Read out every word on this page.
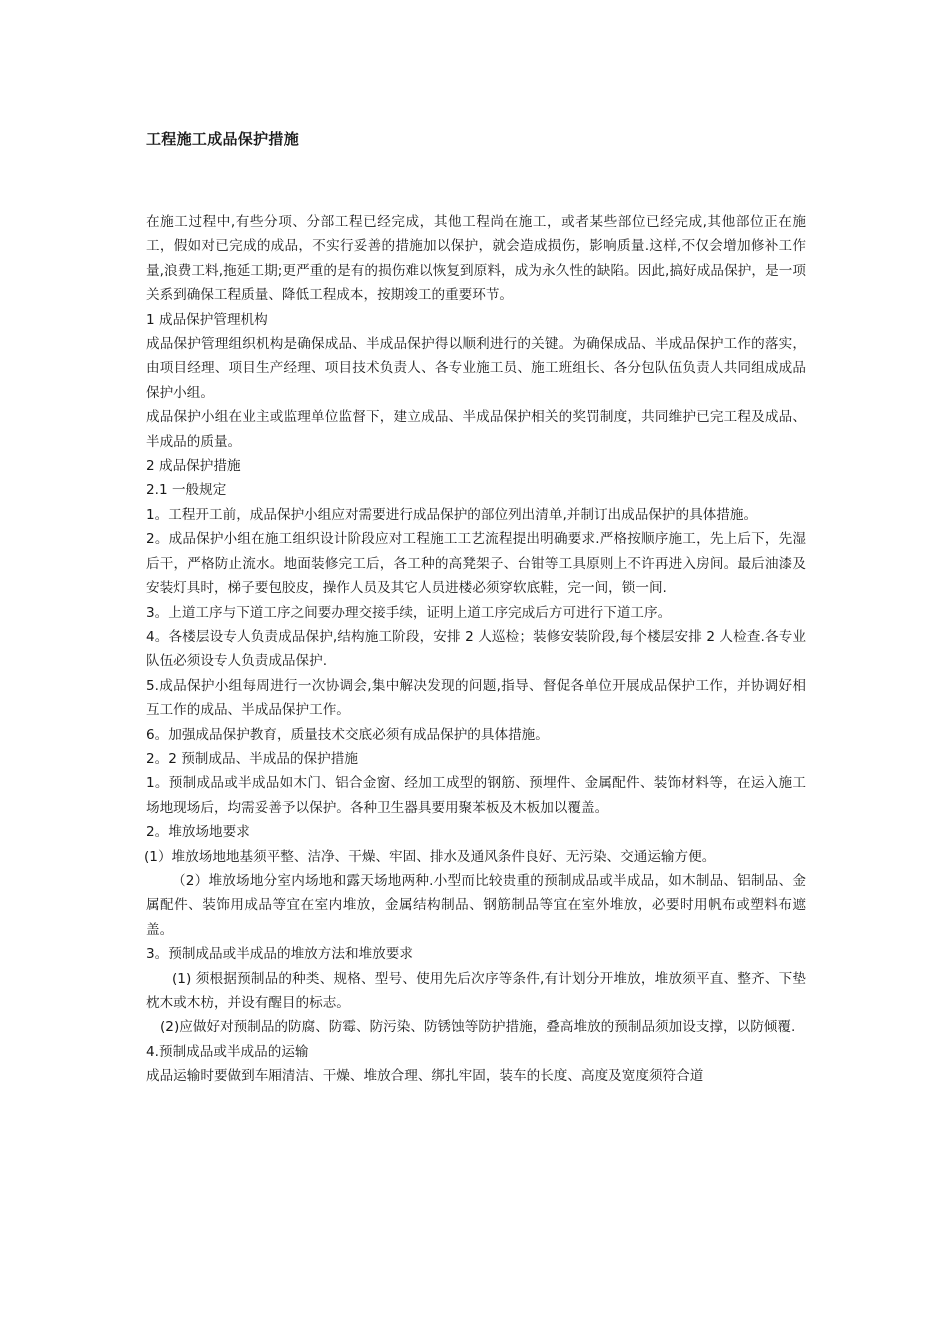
工程施工成品保护措施

在施工过程中,有些分项、分部工程已经完成，其他工程尚在施工，或者某些部位已经完成,其他部位正在施工，假如对已完成的成品，不实行妥善的措施加以保护，就会造成损伤，影响质量.这样,不仅会增加修补工作量,浪费工料,拖延工期;更严重的是有的损伤难以恢复到原料，成为永久性的缺陷。因此,搞好成品保护，是一项关系到确保工程质量、降低工程成本，按期竣工的重要环节。

1 成品保护管理机构

成品保护管理组织机构是确保成品、半成品保护得以顺利进行的关键。为确保成品、半成品保护工作的落实，由项目经理、项目生产经理、项目技术负责人、各专业施工员、施工班组长、各分包队伍负责人共同组成成品保护小组。

成品保护小组在业主或监理单位监督下，建立成品、半成品保护相关的奖罚制度，共同维护已完工程及成品、半成品的质量。

2 成品保护措施

2.1 一般规定

1。工程开工前，成品保护小组应对需要进行成品保护的部位列出清单,并制订出成品保护的具体措施。

2。成品保护小组在施工组织设计阶段应对工程施工工艺流程提出明确要求.严格按顺序施工，先上后下，先湿后干，严格防止流水。地面装修完工后，各工种的高凳架子、台钳等工具原则上不许再进入房间。最后油漆及安装灯具时，梯子要包胶皮，操作人员及其它人员进楼必须穿软底鞋，完一间，锁一间.

3。上道工序与下道工序之间要办理交接手续，证明上道工序完成后方可进行下道工序。

4。各楼层设专人负责成品保护,结构施工阶段，安排 2 人巡检；装修安装阶段,每个楼层安排 2 人检查.各专业队伍必须设专人负责成品保护.

5.成品保护小组每周进行一次协调会,集中解决发现的问题,指导、督促各单位开展成品保护工作，并协调好相互工作的成品、半成品保护工作。

6。加强成品保护教育，质量技术交底必须有成品保护的具体措施。

2。2 预制成品、半成品的保护措施

1。预制成品或半成品如木门、铝合金窗、经加工成型的钢筋、预埋件、金属配件、装饰材料等，在运入施工场地现场后，均需妥善予以保护。各种卫生器具要用聚苯板及木板加以覆盖。

2。堆放场地要求

(1）堆放场地地基须平整、洁净、干燥、牢固、排水及通风条件良好、无污染、交通运输方便。

（2）堆放场地分室内场地和露天场地两种.小型而比较贵重的预制成品或半成品，如木制品、铝制品、金属配件、装饰用成品等宜在室内堆放，金属结构制品、钢筋制品等宜在室外堆放，必要时用帆布或塑料布遮盖。

3。预制成品或半成品的堆放方法和堆放要求

(1) 须根据预制品的种类、规格、型号、使用先后次序等条件,有计划分开堆放，堆放须平直、整齐、下垫枕木或木枋，并设有醒目的标志。

(2)应做好对预制品的防腐、防霉、防污染、防锈蚀等防护措施，叠高堆放的预制品须加设支撑，以防倾覆.

4.预制成品或半成品的运输

成品运输时要做到车厢清洁、干燥、堆放合理、绑扎牢固，装车的长度、高度及宽度须符合道
